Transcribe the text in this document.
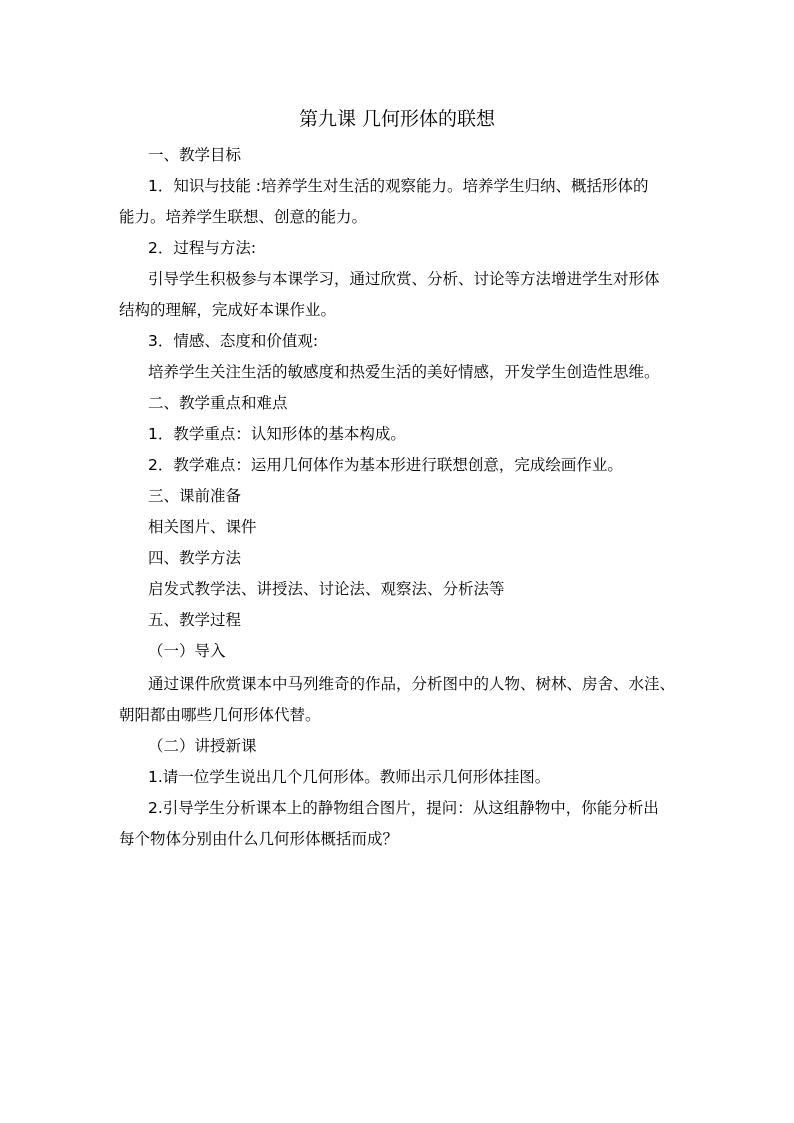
第九课 几何形体的联想
一、教学目标
1．知识与技能 :培养学生对生活的观察能力。培养学生归纳、概括形体的
能力。培养学生联想、创意的能力。
2．过程与方法:
引导学生积极参与本课学习，通过欣赏、分析、讨论等方法增进学生对形体
结构的理解，完成好本课作业。
3．情感、态度和价值观:
培养学生关注生活的敏感度和热爱生活的美好情感，开发学生创造性思维。
二、教学重点和难点
1．教学重点：认知形体的基本构成。
2．教学难点：运用几何体作为基本形进行联想创意，完成绘画作业。
三、课前准备
相关图片、课件
四、教学方法
启发式教学法、讲授法、讨论法、观察法、分析法等
五、教学过程
（一）导入
通过课件欣赏课本中马列维奇的作品，分析图中的人物、树林、房舍、水洼、
朝阳都由哪些几何形体代替。
（二）讲授新课
1.请一位学生说出几个几何形体。教师出示几何形体挂图。
2.引导学生分析课本上的静物组合图片，提问：从这组静物中，你能分析出
每个物体分别由什么几何形体概括而成？
